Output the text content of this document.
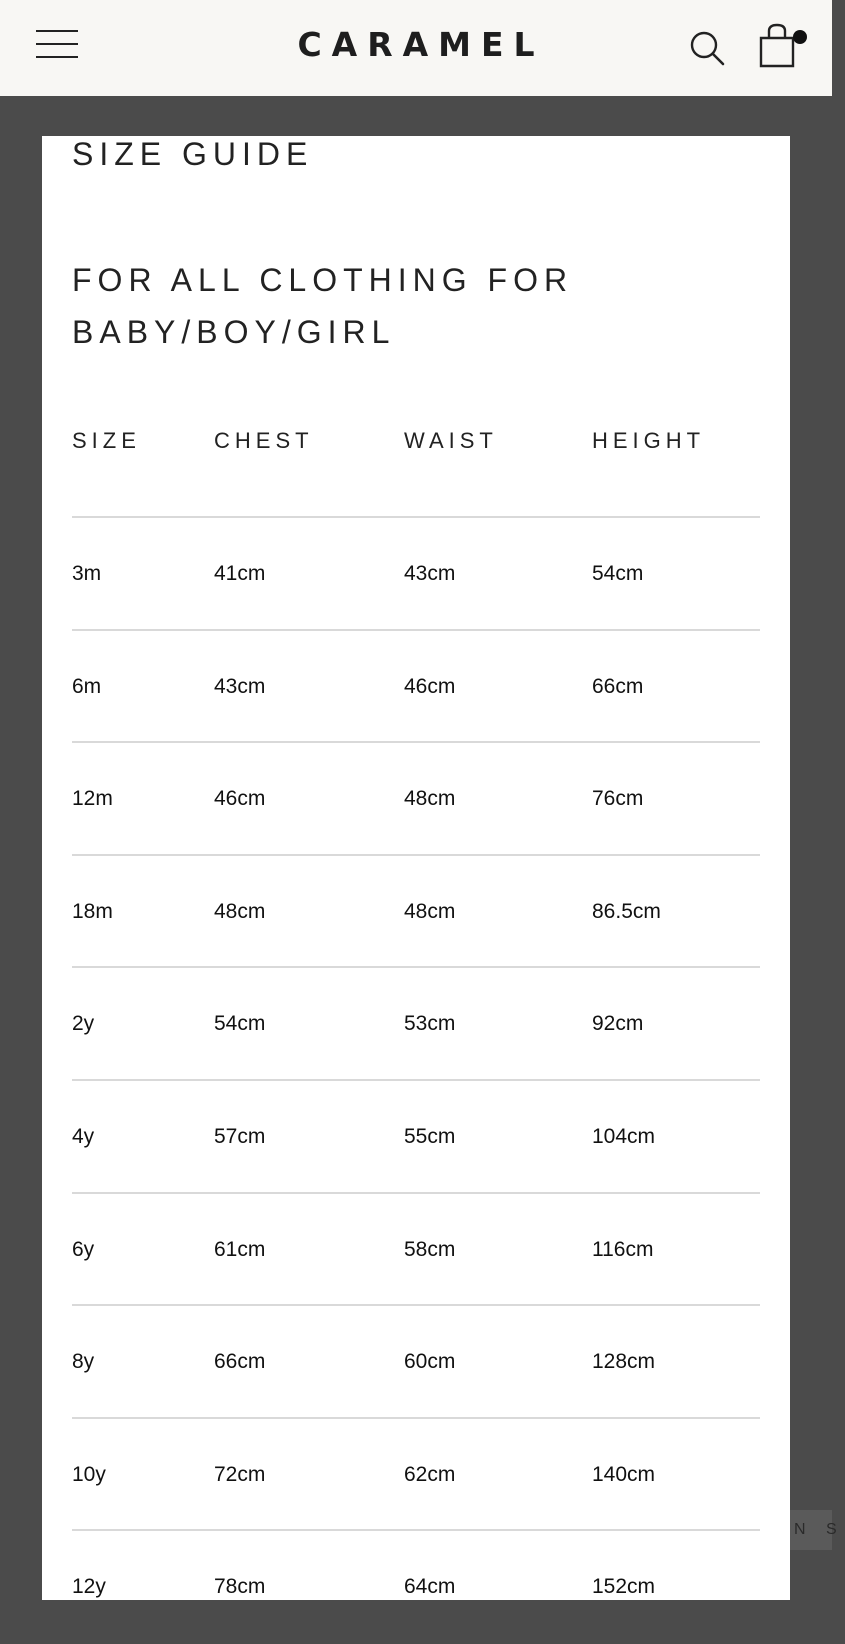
CARAMEL
SIZE GUIDE
FOR ALL CLOTHING FOR BABY/BOY/GIRL
SIZE	CHEST	WAIST	HEIGHT
3m	41cm	43cm	54cm
6m	43cm	46cm	66cm
12m	46cm	48cm	76cm
18m	48cm	48cm	86.5cm
2y	54cm	53cm	92cm
4y	57cm	55cm	104cm
6y	61cm	58cm	116cm
8y	66cm	60cm	128cm
10y	72cm	62cm	140cm
12y	78cm	64cm	152cm
N S
